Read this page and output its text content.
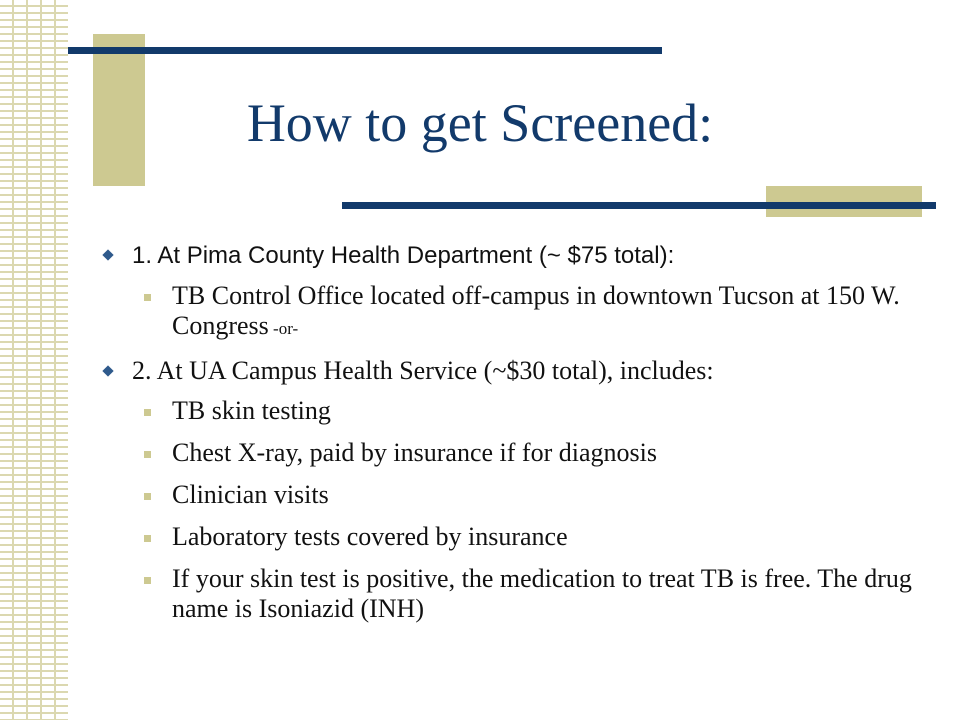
How to get Screened:
1. At Pima County Health Department (~ $75 total):
TB Control Office located off-campus in downtown Tucson at 150 W. Congress -or-
2. At UA Campus Health Service (~$30 total), includes:
TB skin testing
Chest X-ray, paid by insurance if for diagnosis
Clinician visits
Laboratory tests covered by insurance
If your skin test is positive, the medication to treat TB is free. The drug name is Isoniazid (INH)
